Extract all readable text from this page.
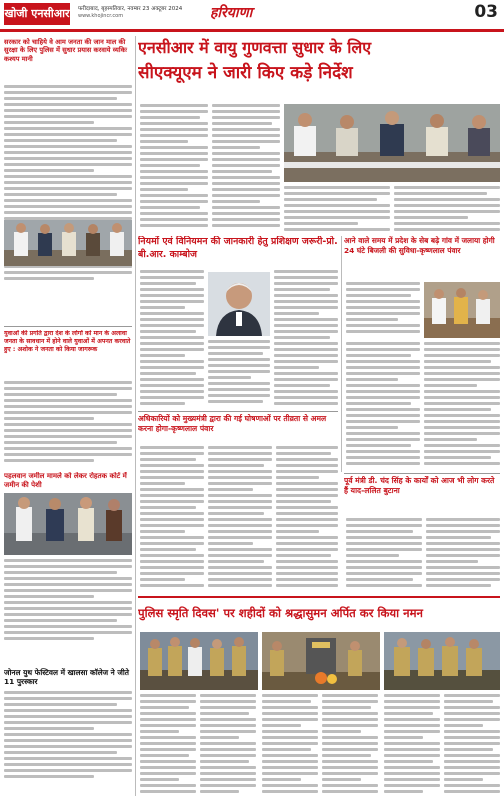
खोजी एनसीआर फरीदाबाद, बृहस्पतिवार, नवम्बर 23 अक्टूबर 2024
www.khojincr.com	हरियाणा	03
सरकार को चाहिये वे आम जनता की जान माल की सुरक्षा के लिए पुलिस में सुधार प्रयास करवाये व्यकिः कश्यप मानी
युवाओं की प्रगति द्वारा देश के लोगों को मान के अलावा जनता के सावधान में होने वाले युवाओं में अपनत करवाते हुए : अशोक ने जनता को किया जागरूक
पहलवान जमील मामले को लेकर रोहतक कोर्ट में जमीन की पेशी
जोनल युथ फेस्टिवल में खालसा कॉलेज ने जीते 11 पुरस्कार
एनसीआर में वायु गुणवत्ता सुधार के लिए
सीएक्यूएम ने जारी किए कड़े निर्देश
नियमों एवं विनियमन की जानकारी हेतु प्रशिक्षण जरूरी-प्रो. बी.आर. काम्बोज
आने वाले समय में प्रदेश के सेब बढ़े गांव में जलाया होगी 24 घंटे बिजली की सुविधा-कृष्णलाल पंवार
अधिकारियों को मुख्यमंत्री द्वारा की गई घोषणाओं पर तीव्रता से अमल करना होगा-कृष्णलाल पंवार
पूर्व मंत्री डी. चंद सिंह के कार्यों को आज भी लोग करते हैं याद-ललित बुटाना
पुलिस स्मृति दिवस' पर शहीदों को श्रद्धासुमन अर्पित कर किया नमन
